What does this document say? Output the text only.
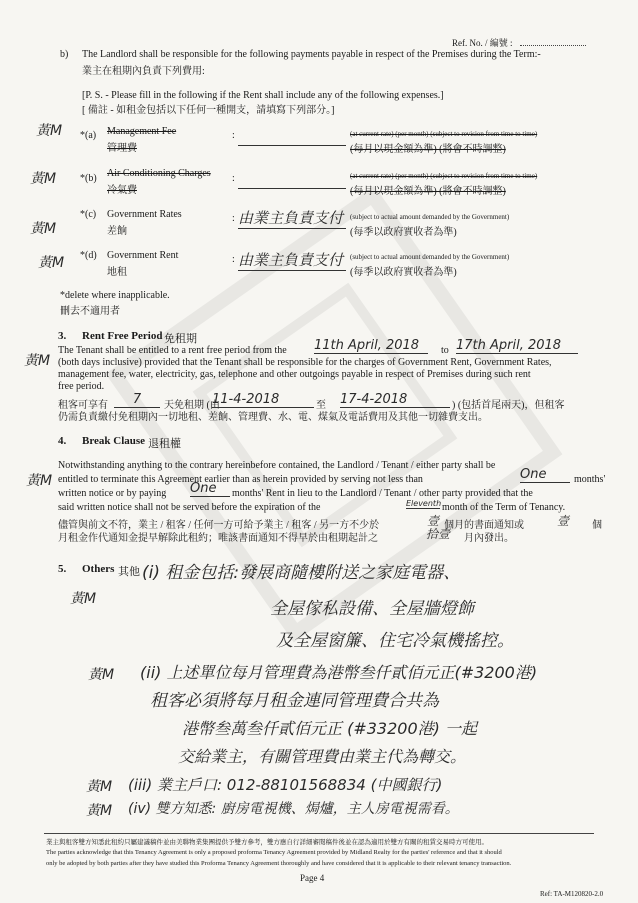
Ref. No. / 編號 :
b) The Landlord shall be responsible for the following payments payable in respect of the Premises during the Term:-
業主在租期內負責下列費用:
[P. S. - Please fill in the following if the Rent shall include any of the following expenses.]
[ 備註 - 如租金包括以下任何一種開支，請填寫下列部分。]
*(a) Management Fee
管理費
:	(at current rate) (per month) (subject to revision from time to time)
(每月以現金額為準) (將會不時調整)
*(b) Air Conditioning Charges
冷氣費
:	(at current rate) (per month) (subject to revision from time to time)
(每月以現金額為準) (將會不時調整)
*(c) Government Rates
差餉
: 由業主負責支付 (subject to actual amount demanded by the Government)
(每季以政府實收者為準)
*(d) Government Rent
地租
: 由業主負責支付 (subject to actual amount demanded by the Government)
(每季以政府實收者為準)
*delete where inapplicable.
刪去不適用者
3. Rent Free Period 免租期
The Tenant shall be entitled to a rent free period from the 11th April, 2018	to 17th April, 2018
(both days inclusive) provided that the Tenant shall be responsible for the charges of Government Rent, Government Rates,
management fee, water, electricity, gas, telephone and other outgoings payable in respect of Premises during such rent
free period.
租客可享有	7	天免租期 (由
11-4-2018	至 17-4-2018	) (包括首尾兩天)，但租客
仍需負責繳付免租期內一切地租、差餉、管理費、水、電、煤氣及電話費用及其他一切雜費支出。
4. Break Clause 退租權
Notwithstanding anything to the contrary hereinbefore contained, the Landlord / Tenant / either party shall be
entitled to terminate this Agreement earlier than as herein provided by serving not less than	One	months'
written notice or by paying One	months' Rent in lieu to the Landlord / Tenant / other party provided that the
said written notice shall not be served before the expiration of the	Eleventh month of the Term of Tenancy.
儘管與前文不符，業主 / 租客 / 任何一方可給予業主 / 租客 / 另一方不少於	壹 個月的書面通知或	壹 個
月租金作代通知金提早解除此租約；唯該書面通知不得早於由租期起計之	拾壹 月內發出。
5. Others 其他 (i) 租金包括:發展商隨樓附送之家庭電器、
全屋傢私設備、全屋牆燈飾
及全屋窗簾、住宅冷氣機搖控。
(ii) 上述單位每月管理費為港幣叁仟貳佰元正(#3200港)
租客必須將每月租金連同管理費合共為
港幣叁萬叁仟貳佰元正 (#33200港) 一起
交給業主，有關管理費由業主代為轉交。
(iii) 業主戶口: 012-88101568834 (中國銀行)
(iv) 雙方知悉: 廚房電視機、焗爐，主人房電視需看。
黃M
黃M
黃M
黃M
黃M
黃M
黃M
黃M
黃M
黃M
業主與租客雙方知悉此租約只屬建議稿件並由美聯物業集團提供予雙方參考，雙方應自行詳細審閱稿件後並在認為適用於雙方有關的租賃交易時方可使用。
The parties acknowledge that this Tenancy Agreement is only a proposed proforma Tenancy Agreement provided by Midland Realty for the parties' reference and that it should
only be adopted by both parties after they have studied this Proforma Tenancy Agreement thoroughly and have considered that it is applicable to their relevant tenancy transaction.
Page 4
Ref: TA-M120820-2.0
